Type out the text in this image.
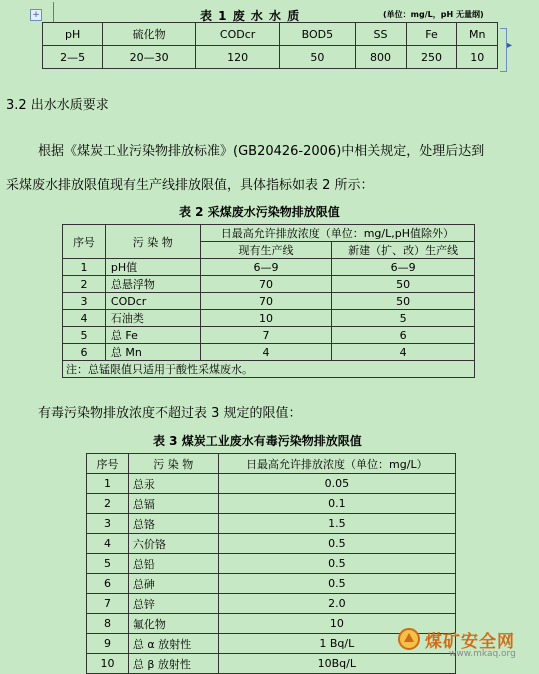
+	表 1 废 水 水 质	(单位：mg/L，pH 无量纲)
pH	硫化物	CODcr	BOD5	SS	Fe	Mn
2—5	20—30	120	50	800	250	10
▸
3.2 出水水质要求
根据《煤炭工业污染物排放标准》(GB20426-2006)中相关规定，处理后达到
采煤废水排放限值现有生产线排放限值，具体指标如表 2 所示：
表 2 采煤废水污染物排放限值
序号	污 染 物	日最高允许排放浓度（单位：mg/L,pH值除外）	
		现有生产线	新建（扩、改）生产线
1	pH值	6—9	6—9
2	总悬浮物	70	50
3	CODcr	70	50
4	石油类	10	5
5	总 Fe	7	6
6	总 Mn	4	4
注：总锰限值只适用于酸性采煤废水。			
有毒污染物排放浓度不超过表 3 规定的限值：
表 3 煤炭工业废水有毒污染物排放限值
序号	污 染 物	日最高允许排放浓度（单位：mg/L）
1	总汞	0.05
2	总镉	0.1
3	总铬	1.5
4	六价铬	0.5
5	总铅	0.5
6	总砷	0.5
7	总锌	2.0
8	氟化物	10
9	总 α 放射性	1 Bq/L
10	总 β 放射性	10Bq/L
煤矿安全网
www.mkaq.org
